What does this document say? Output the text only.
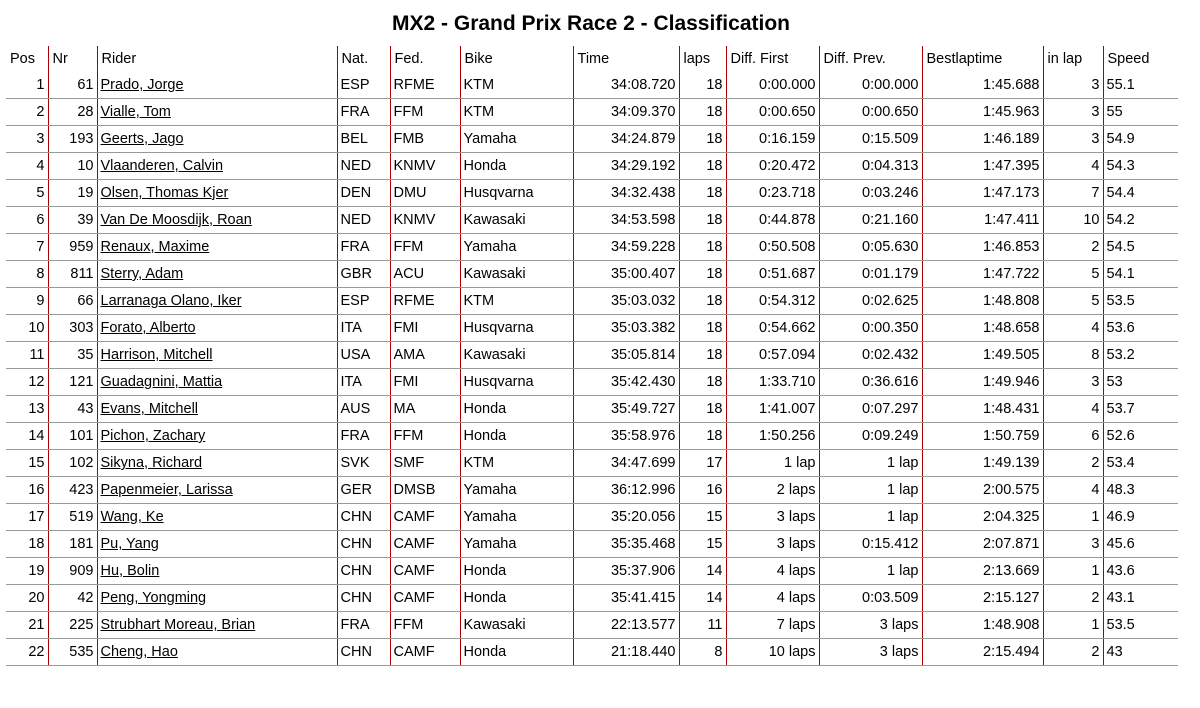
MX2 - Grand Prix Race 2 - Classification
Pos	Nr	Rider	Nat.	Fed.	Bike	Time	laps	Diff. First	Diff. Prev.	Bestlaptime	in lap	Speed
1	61	Prado, Jorge	ESP	RFME	KTM	34:08.720	18	0:00.000	0:00.000	1:45.688	3	55.1
2	28	Vialle, Tom	FRA	FFM	KTM	34:09.370	18	0:00.650	0:00.650	1:45.963	3	55
3	193	Geerts, Jago	BEL	FMB	Yamaha	34:24.879	18	0:16.159	0:15.509	1:46.189	3	54.9
4	10	Vlaanderen, Calvin	NED	KNMV	Honda	34:29.192	18	0:20.472	0:04.313	1:47.395	4	54.3
5	19	Olsen, Thomas Kjer	DEN	DMU	Husqvarna	34:32.438	18	0:23.718	0:03.246	1:47.173	7	54.4
6	39	Van De Moosdijk, Roan	NED	KNMV	Kawasaki	34:53.598	18	0:44.878	0:21.160	1:47.411	10	54.2
7	959	Renaux, Maxime	FRA	FFM	Yamaha	34:59.228	18	0:50.508	0:05.630	1:46.853	2	54.5
8	811	Sterry, Adam	GBR	ACU	Kawasaki	35:00.407	18	0:51.687	0:01.179	1:47.722	5	54.1
9	66	Larranaga Olano, Iker	ESP	RFME	KTM	35:03.032	18	0:54.312	0:02.625	1:48.808	5	53.5
10	303	Forato, Alberto	ITA	FMI	Husqvarna	35:03.382	18	0:54.662	0:00.350	1:48.658	4	53.6
11	35	Harrison, Mitchell	USA	AMA	Kawasaki	35:05.814	18	0:57.094	0:02.432	1:49.505	8	53.2
12	121	Guadagnini, Mattia	ITA	FMI	Husqvarna	35:42.430	18	1:33.710	0:36.616	1:49.946	3	53
13	43	Evans, Mitchell	AUS	MA	Honda	35:49.727	18	1:41.007	0:07.297	1:48.431	4	53.7
14	101	Pichon, Zachary	FRA	FFM	Honda	35:58.976	18	1:50.256	0:09.249	1:50.759	6	52.6
15	102	Sikyna, Richard	SVK	SMF	KTM	34:47.699	17	1 lap	1 lap	1:49.139	2	53.4
16	423	Papenmeier, Larissa	GER	DMSB	Yamaha	36:12.996	16	2 laps	1 lap	2:00.575	4	48.3
17	519	Wang, Ke	CHN	CAMF	Yamaha	35:20.056	15	3 laps	1 lap	2:04.325	1	46.9
18	181	Pu, Yang	CHN	CAMF	Yamaha	35:35.468	15	3 laps	0:15.412	2:07.871	3	45.6
19	909	Hu, Bolin	CHN	CAMF	Honda	35:37.906	14	4 laps	1 lap	2:13.669	1	43.6
20	42	Peng, Yongming	CHN	CAMF	Honda	35:41.415	14	4 laps	0:03.509	2:15.127	2	43.1
21	225	Strubhart Moreau, Brian	FRA	FFM	Kawasaki	22:13.577	11	7 laps	3 laps	1:48.908	1	53.5
22	535	Cheng, Hao	CHN	CAMF	Honda	21:18.440	8	10 laps	3 laps	2:15.494	2	43
